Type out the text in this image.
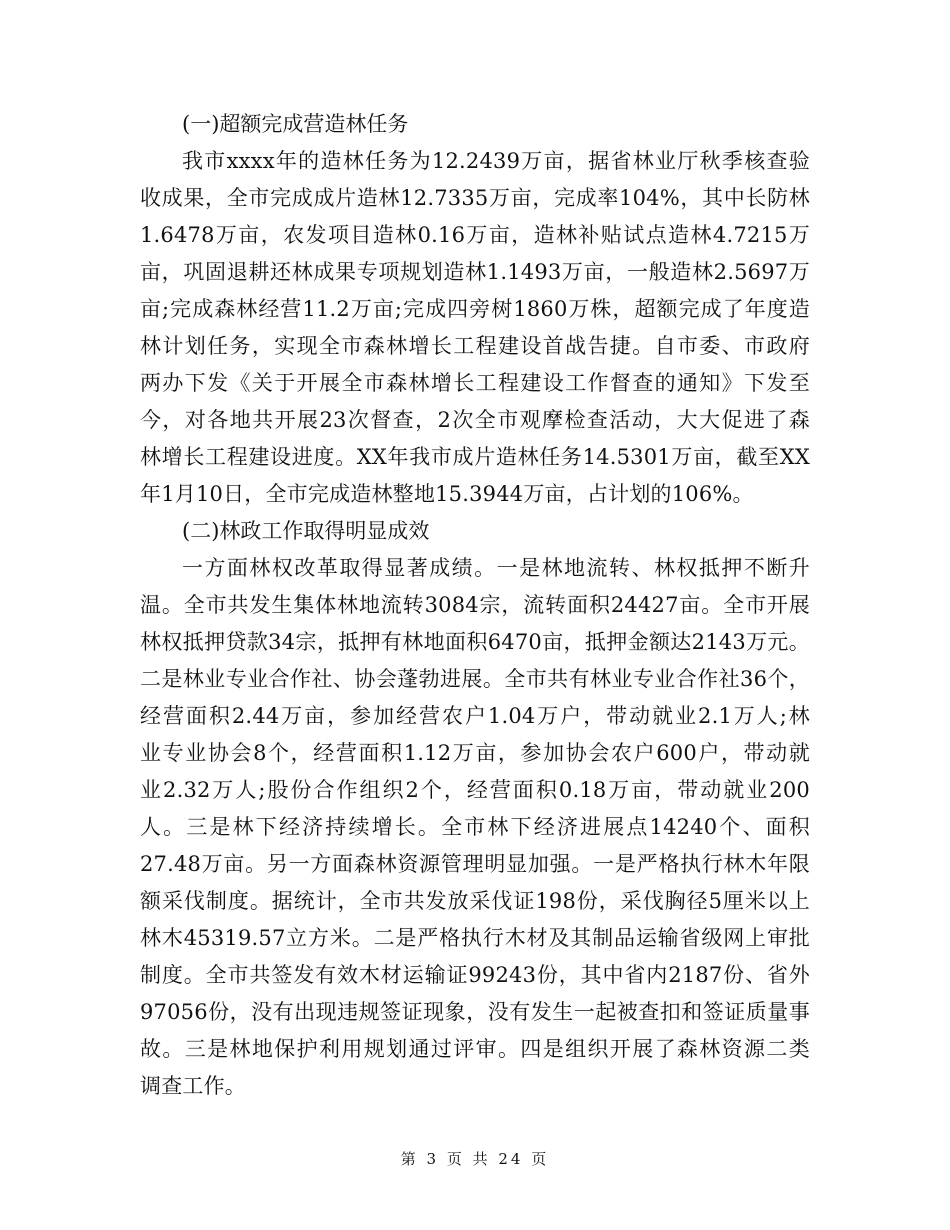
(一)超额完成营造林任务

我市xxxx年的造林任务为12.2439万亩，据省林业厅秋季核查验
收成果，全市完成成片造林12.7335万亩，完成率104%，其中长防林
1.6478万亩，农发项目造林0.16万亩，造林补贴试点造林4.7215万
亩，巩固退耕还林成果专项规划造林1.1493万亩，一般造林2.5697万
亩;完成森林经营11.2万亩;完成四旁树1860万株，超额完成了年度造
林计划任务，实现全市森林增长工程建设首战告捷。自市委、市政府
两办下发《关于开展全市森林增长工程建设工作督查的通知》下发至
今，对各地共开展23次督查，2次全市观摩检查活动，大大促进了森
林增长工程建设进度。XX年我市成片造林任务14.5301万亩，截至XX
年1月10日，全市完成造林整地15.3944万亩，占计划的106%。

(二)林政工作取得明显成效

一方面林权改革取得显著成绩。一是林地流转、林权抵押不断升
温。全市共发生集体林地流转3084宗，流转面积24427亩。全市开展
林权抵押贷款34宗，抵押有林地面积6470亩，抵押金额达2143万元。
二是林业专业合作社、协会蓬勃进展。全市共有林业专业合作社36个，
经营面积2.44万亩，参加经营农户1.04万户，带动就业2.1万人;林
业专业协会8个，经营面积1.12万亩，参加协会农户600户，带动就
业2.32万人;股份合作组织2个，经营面积0.18万亩，带动就业200
人。三是林下经济持续增长。全市林下经济进展点14240个、面积
27.48万亩。另一方面森林资源管理明显加强。一是严格执行林木年限
额采伐制度。据统计，全市共发放采伐证198份，采伐胸径5厘米以上
林木45319.57立方米。二是严格执行木材及其制品运输省级网上审批
制度。全市共签发有效木材运输证99243份，其中省内2187份、省外
97056份，没有出现违规签证现象，没有发生一起被查扣和签证质量事
故。三是林地保护利用规划通过评审。四是组织开展了森林资源二类
调查工作。
第 3 页 共 24 页
